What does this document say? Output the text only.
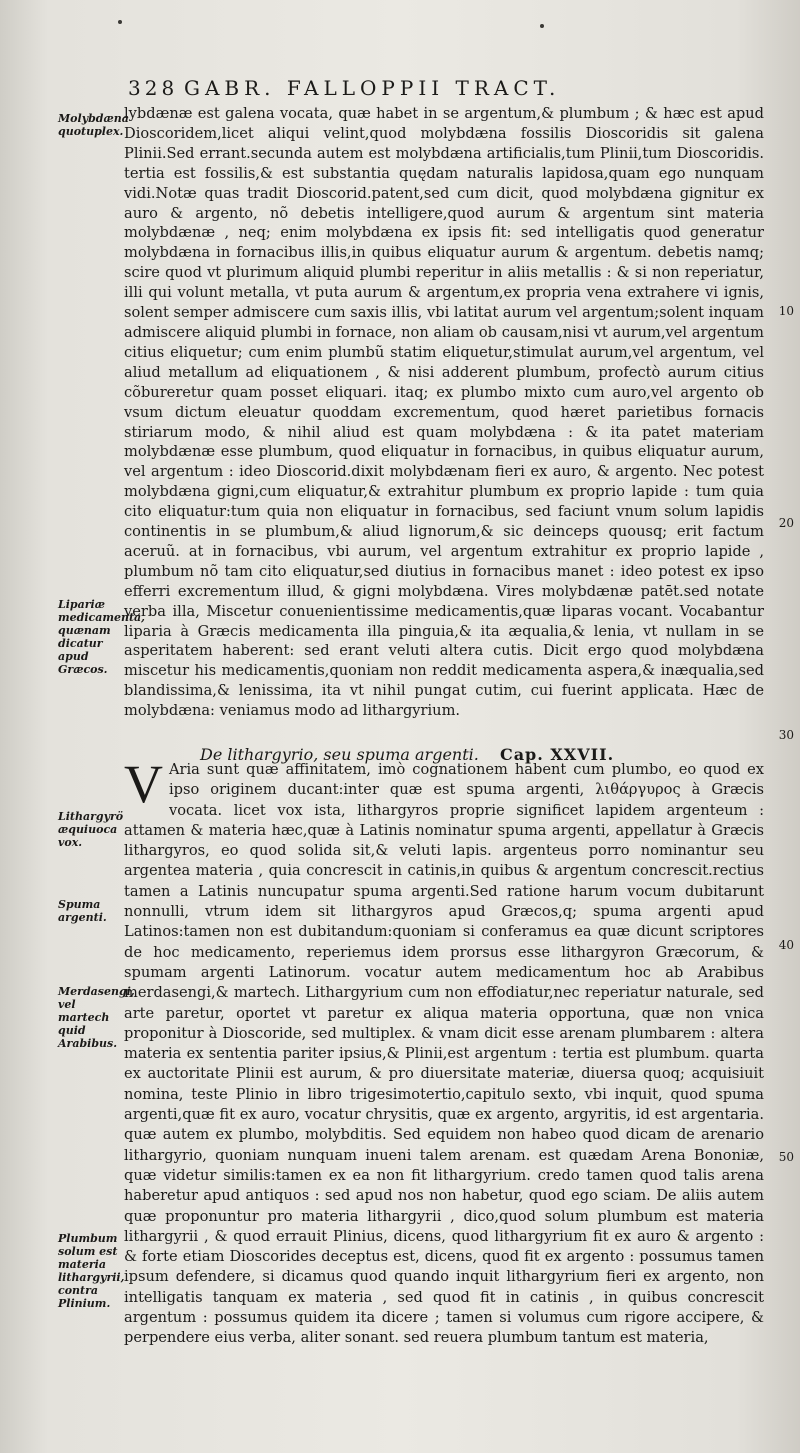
328 GABR. FALLOPPII TRACT.
Molybdæna quotuplex.
Lipariæ medicamenta, quænam dicatur apud Græcos.
Lithargyrö æquiuoca vox.
Spuma argenti.
Merdasengi, vel martech quid Arabibus.
Plumbum solum est materia lithargyrii, contra Plinium.
10
20
30
40
50

lybdænæ est galena vocata, quæ habet in se argentum,& plumbum ; & hæc est apud Dioscoridem,licet aliqui velint,quod molybdæna fossilis Dioscoridis sit galena Plinii.Sed errant.secunda autem est molybdæna artificialis,tum Plinii,tum Dioscoridis. tertia est fossilis,& est substantia quędam naturalis lapidosa,quam ego nunquam vidi.Notæ quas tradit Dioscorid.patent,sed cum dicit, quod molybdæna gignitur ex auro & argento, nõ debetis intelligere,quod aurum & argentum sint materia molybdænæ , neq; enim molybdæna ex ipsis fit: sed intelligatis quod generatur molybdæna in fornacibus illis,in quibus eliquatur aurum & argentum. debetis namq; scire quod vt plurimum aliquid plumbi reperitur in aliis metallis : & si non reperiatur, illi qui volunt metalla, vt puta aurum & argentum,ex propria vena extrahere vi ignis, solent semper admiscere cum saxis illis, vbi latitat aurum vel argentum;solent inquam admiscere aliquid plumbi in fornace, non aliam ob causam,nisi vt aurum,vel argentum citius eliquetur; cum enim plumbũ statim eliquetur,stimulat aurum,vel argentum, vel aliud metallum ad eliquationem , & nisi adderent plumbum, profectò aurum citius cõbureretur quam posset eliquari. itaq; ex plumbo mixto cum auro,vel argento ob vsum dictum eleuatur quoddam excrementum, quod hæret parietibus fornacis stiriarum modo, & nihil aliud est quam molybdæna : & ita patet materiam molybdænæ esse plumbum, quod eliquatur in fornacibus, in quibus eliquatur aurum, vel argentum : ideo Dioscorid.dixit molybdænam fieri ex auro, & argento. Nec potest molybdæna gigni,cum eliquatur,& extrahitur plumbum ex proprio lapide : tum quia cito eliquatur:tum quia non eliquatur in fornacibus, sed faciunt vnum solum lapidis continentis in se plumbum,& aliud lignorum,& sic deinceps quousq; erit factum aceruũ. at in fornacibus, vbi aurum, vel argentum extrahitur ex proprio lapide , plumbum nõ tam cito eliquatur,sed diutius in fornacibus manet : ideo potest ex ipso efferri excrementum illud, & gigni molybdæna. Vires molybdænæ patēt.sed notate verba illa, Miscetur conuenientissime medicamentis,quæ liparas vocant. Vocabantur liparia à Græcis medicamenta illa pinguia,& ita æqualia,& lenia, vt nullam in se asperitatem haberent: sed erant veluti altera cutis. Dicit ergo quod molybdæna miscetur his medicamentis,quoniam non reddit medicamenta aspera,& inæqualia,sed blandissima,& lenissima, ita vt nihil pungat cutim, cui fuerint applicata. Hæc de molybdæna: veniamus modo ad lithargyrium.

De lithargyrio, seu spuma argenti. Cap. XXVII.
V Aria sunt quæ affinitatem, imò cognationem habent cum plumbo, eo quod ex ipso originem ducant:inter quæ est spuma argenti, λιθάργυρος à Græcis vocata. licet vox ista, lithargyros proprie significet lapidem argenteum : attamen & materia hæc,quæ à Latinis nominatur spuma argenti, appellatur à Græcis lithargyros, eo quod solida sit,& veluti lapis. argenteus porro nominantur seu argentea materia , quia concrescit in catinis,in quibus & argentum concrescit.rectius tamen a Latinis nuncupatur spuma argenti.Sed ratione harum vocum dubitarunt nonnulli, vtrum idem sit lithargyros apud Græcos,q; spuma argenti apud Latinos:tamen non est dubitandum:quoniam si conferamus ea quæ dicunt scriptores de hoc medicamento, reperiemus idem prorsus esse lithargyron Græcorum, & spumam argenti Latinorum. vocatur autem medicamentum hoc ab Arabibus merdasengi,& martech. Lithargyrium cum non effodiatur,nec reperiatur naturale, sed arte paretur, oportet vt paretur ex aliqua materia opportuna, quæ non vnica proponitur à Dioscoride, sed multiplex. & vnam dicit esse arenam plumbarem : altera materia ex sententia pariter ipsius,& Plinii,est argentum : tertia est plumbum. quarta ex auctoritate Plinii est aurum, & pro diuersitate materiæ, diuersa quoq; acquisiuit nomina, teste Plinio in libro trigesimotertio,capitulo sexto, vbi inquit, quod spuma argenti,quæ fit ex auro, vocatur chrysitis, quæ ex argento, argyritis, id est argentaria. quæ autem ex plumbo, molybditis. Sed equidem non habeo quod dicam de arenario lithargyrio, quoniam nunquam inueni talem arenam. est quædam Arena Bononiæ, quæ videtur similis:tamen ex ea non fit lithargyrium. credo tamen quod talis arena haberetur apud antiquos : sed apud nos non habetur, quod ego sciam. De aliis autem quæ proponuntur pro materia lithargyrii , dico,quod solum plumbum est materia lithargyrii , & quod errauit Plinius, dicens, quod lithargyrium fit ex auro & argento : & forte etiam Dioscorides deceptus est, dicens, quod fit ex argento : possumus tamen ipsum defendere, si dicamus quod quando inquit lithargyrium fieri ex argento, non intelligatis tanquam ex materia , sed quod fit in catinis , in quibus concrescit argentum : possumus quidem ita dicere ; tamen si volumus cum rigore accipere, & perpendere eius verba, aliter sonant. sed reuera plumbum tantum est materia,
